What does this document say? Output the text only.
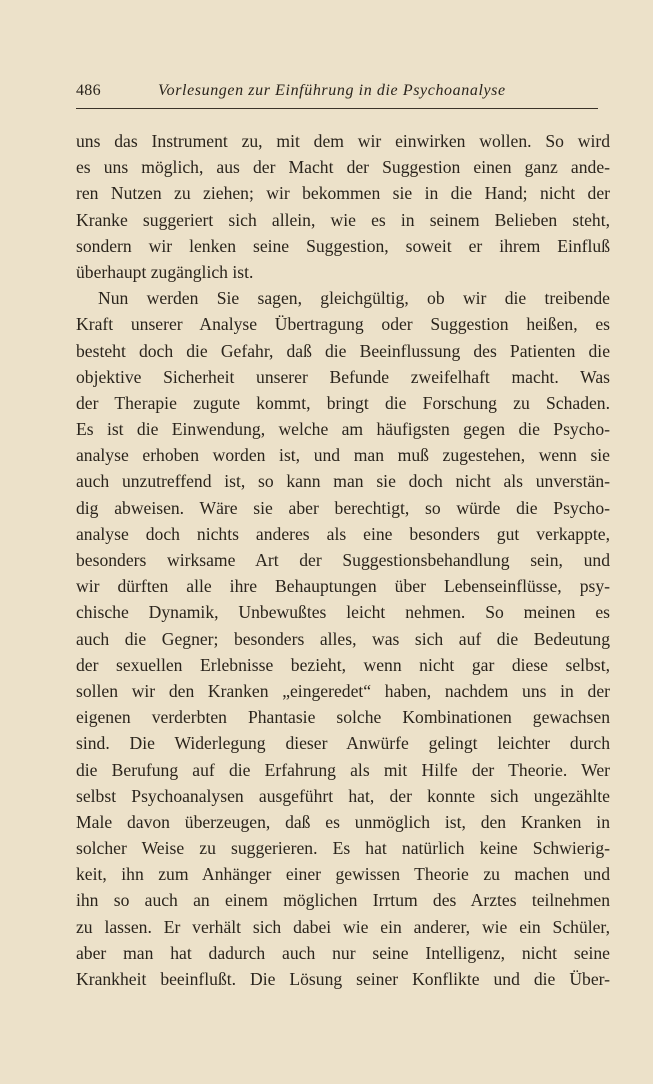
486	Vorlesungen zur Einführung in die Psychoanalyse
uns das Instrument zu, mit dem wir einwirken wollen. So wird
es uns möglich, aus der Macht der Suggestion einen ganz ande-
ren Nutzen zu ziehen; wir bekommen sie in die Hand; nicht der
Kranke suggeriert sich allein, wie es in seinem Belieben steht,
sondern wir lenken seine Suggestion, soweit er ihrem Einfluß
überhaupt zugänglich ist.
Nun werden Sie sagen, gleichgültig, ob wir die treibende
Kraft unserer Analyse Übertragung oder Suggestion heißen, es
besteht doch die Gefahr, daß die Beeinflussung des Patienten die
objektive Sicherheit unserer Befunde zweifelhaft macht. Was
der Therapie zugute kommt, bringt die Forschung zu Schaden.
Es ist die Einwendung, welche am häufigsten gegen die Psycho-
analyse erhoben worden ist, und man muß zugestehen, wenn sie
auch unzutreffend ist, so kann man sie doch nicht als unverstän-
dig abweisen. Wäre sie aber berechtigt, so würde die Psycho-
analyse doch nichts anderes als eine besonders gut verkappte,
besonders wirksame Art der Suggestionsbehandlung sein, und
wir dürften alle ihre Behauptungen über Lebenseinflüsse, psy-
chische Dynamik, Unbewußtes leicht nehmen. So meinen es
auch die Gegner; besonders alles, was sich auf die Bedeutung
der sexuellen Erlebnisse bezieht, wenn nicht gar diese selbst,
sollen wir den Kranken „eingeredet“ haben, nachdem uns in der
eigenen verderbten Phantasie solche Kombinationen gewachsen
sind. Die Widerlegung dieser Anwürfe gelingt leichter durch
die Berufung auf die Erfahrung als mit Hilfe der Theorie. Wer
selbst Psychoanalysen ausgeführt hat, der konnte sich ungezählte
Male davon überzeugen, daß es unmöglich ist, den Kranken in
solcher Weise zu suggerieren. Es hat natürlich keine Schwierig-
keit, ihn zum Anhänger einer gewissen Theorie zu machen und
ihn so auch an einem möglichen Irrtum des Arztes teilnehmen
zu lassen. Er verhält sich dabei wie ein anderer, wie ein Schüler,
aber man hat dadurch auch nur seine Intelligenz, nicht seine
Krankheit beeinflußt. Die Lösung seiner Konflikte und die Über-
